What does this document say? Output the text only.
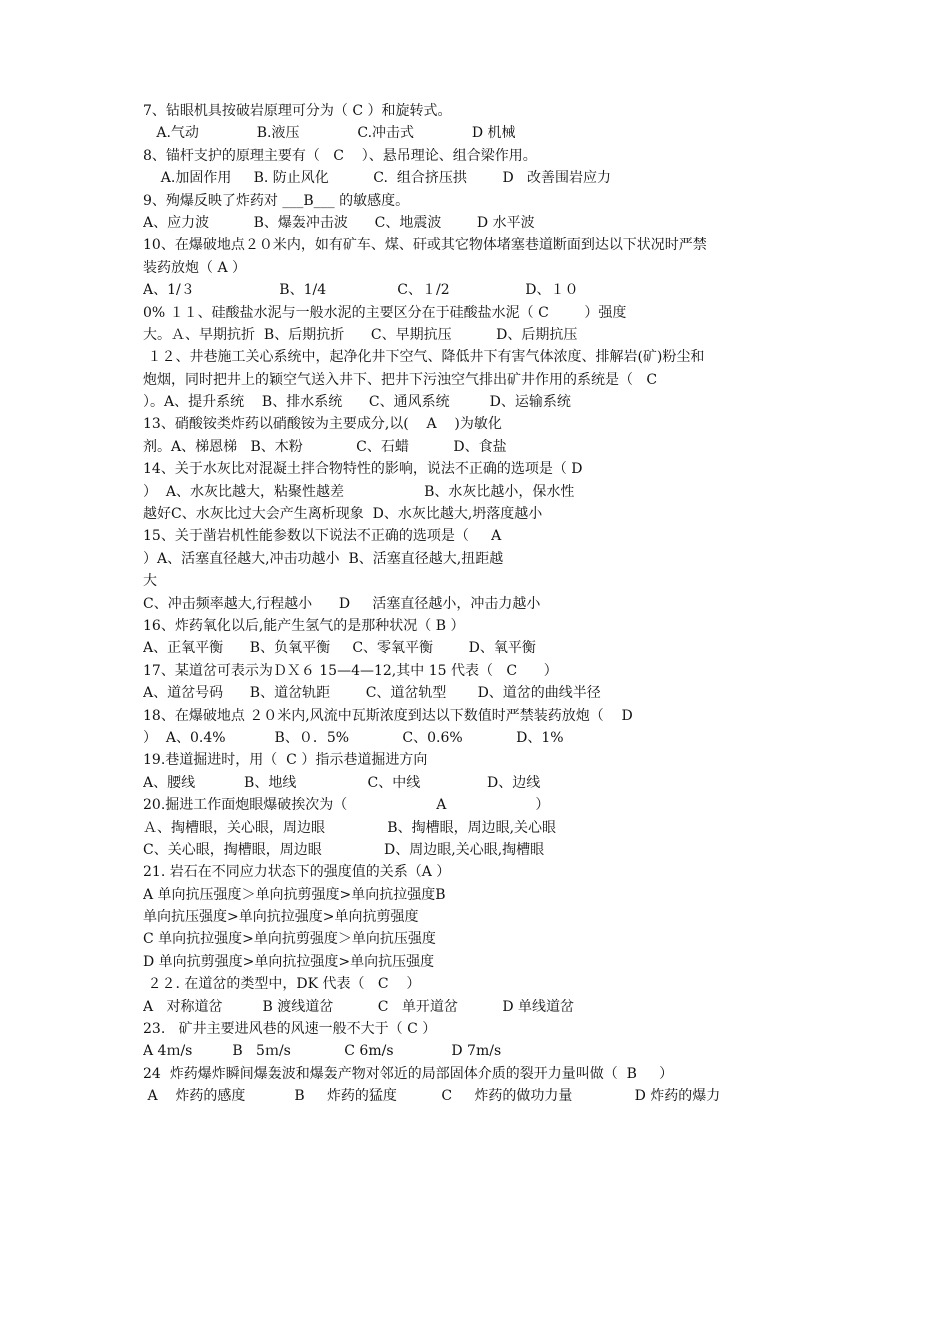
7、钻眼机具按破岩原理可分为（ C ）和旋转式。
A.气动             B.液压             C.冲击式             D 机械
8、锚杆支护的原理主要有（   C    ）、悬吊理论、组合梁作用。
A.加固作用     B. 防止风化          C.  组合挤压拱        D   改善围岩应力
9、殉爆反映了炸药对 ___B___ 的敏感度。
A、应力波          B、爆轰冲击波      C、地震波        D 水平波
10、在爆破地点２０米内，如有矿车、煤、矸或其它物体堵塞巷道断面到达以下状况时严禁
装药放炮（ A ）
A、1/３                   B、1/4                C、１/2                 D、１０
0% １１、硅酸盐水泥与一般水泥的主要区分在于硅酸盐水泥（ C        ）强度
大。Ａ、早期抗折  B、后期抗折      C、早期抗压          D、后期抗压
１２、井巷施工关心系统中，起净化井下空气、降低井下有害气体浓度、排解岩(矿)粉尘和
炮烟，同时把井上的颖空气送入井下、把井下污浊空气排出矿井作用的系统是（   C
）。A、提升系统    B、排水系统      C、通风系统         D、运输系统
13、硝酸铵类炸药以硝酸铵为主要成分,以(    A    )为敏化
剂。A、梯恩梯   B、木粉            C、石蜡          D、食盐
14、关于水灰比对混凝土拌合物特性的影响，说法不正确的选项是（ D
）  A、水灰比越大，粘聚性越差                  B、水灰比越小，保水性
越好C、水灰比过大会产生离析现象  D、水灰比越大,坍落度越小
15、关于凿岩机性能参数以下说法不正确的选项是（     A
）A、活塞直径越大,冲击功越小  B、活塞直径越大,扭距越
大
C、冲击频率越大,行程越小      D     活塞直径越小，冲击力越小
16、炸药氧化以后,能产生氢气的是那种状况（ B ）
A、正氧平衡      B、负氧平衡     C、零氧平衡        D、氧平衡
17、某道岔可表示为ＤＸ６ 15—4—12,其中 15 代表（   C      ）
A、道岔号码      B、道岔轨距        C、道岔轨型       D、道岔的曲线半径
18、在爆破地点 ２０米内,风流中瓦斯浓度到达以下数值时严禁装药放炮（    D
）  A、0.4%           B、０．5%            C、0.6%            D、1%
19.巷道掘进时，用（  C ）指示巷道掘进方向
A、腰线           B、地线                C、中线               D、边线
20.掘进工作面炮眼爆破挨次为（                    A                    ）
Ａ、掏槽眼，关心眼，周边眼              B、掏槽眼，周边眼,关心眼
C、关心眼，掏槽眼，周边眼              D、周边眼,关心眼,掏槽眼
21. 岩石在不同应力状态下的强度值的关系（A ）
A 单向抗压强度＞单向抗剪强度>单向抗拉强度B
单向抗压强度>单向抗拉强度>单向抗剪强度
C 单向抗拉强度>单向抗剪强度＞单向抗压强度
D 单向抗剪强度>单向抗拉强度>单向抗压强度
２２. 在道岔的类型中，DK 代表（   C    ）
A   对称道岔         B 渡线道岔          C   单开道岔          D 单线道岔
23.   矿井主要进风巷的风速一般不大于（ C ）
A 4ｍ/s         B   5ｍ/s            C 6m/s             D 7m/s
24  炸药爆炸瞬间爆轰波和爆轰产物对邻近的局部固体介质的裂开力量叫做（  B     ）
A    炸药的感度           B     炸药的猛度          C     炸药的做功力量              D 炸药的爆力
